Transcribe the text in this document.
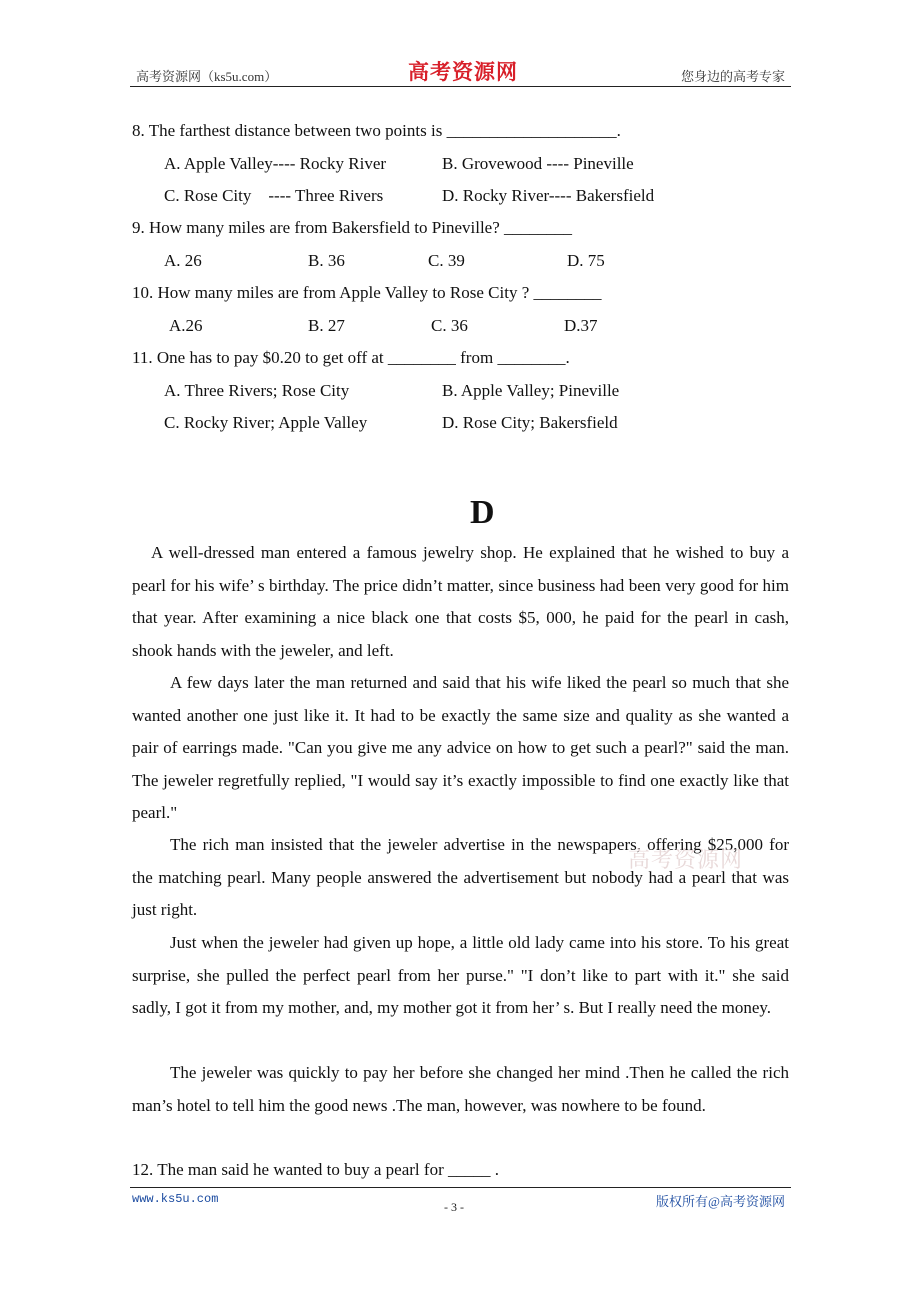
高考资源网（ks5u.com）	高考资源网	您身边的高考专家
8. The farthest distance between two points is ____________________.
A. Apple Valley---- Rocky River	B. Grovewood ---- Pineville
C. Rose City    ---- Three Rivers	D. Rocky River---- Bakersfield
9. How many miles are from Bakersfield to Pineville? ________
A. 26	B. 36	C. 39	D. 75
10. How many miles are from Apple Valley to Rose City ? ________
A.26	B. 27	C. 36	D.37
11. One has to pay $0.20 to get off at ________ from ________.
A. Three Rivers; Rose City	B. Apple Valley; Pineville
C. Rocky River; Apple Valley	D. Rose City; Bakersfield
D

A well-dressed man entered a famous jewelry shop. He explained that he wished to buy a pearl for his wife’ s birthday. The price didn’t matter, since business had been very good for him that year. After examining a nice black one that costs $5, 000, he paid for the pearl in cash, shook hands with the jeweler, and left.

A few days later the man returned and said that his wife liked the pearl so much that she wanted another one just like it. It had to be exactly the same size and quality as she wanted a pair of earrings made. "Can you give me any advice on how to get such a pearl?" said the man. The jeweler regretfully replied, "I would say it’s exactly impossible to find one exactly like that pearl."

The rich man insisted that the jeweler advertise in the newspapers, offering $25,000 for the matching pearl. Many people answered the advertisement but nobody had a pearl that was just right.

Just when the jeweler had given up hope, a little old lady came into his store. To his great surprise, she pulled the perfect pearl from her purse." "I don’t like to part with it." she said sadly, I got it from my mother, and, my mother got it from her’ s. But I really need the money.

The jeweler was quickly to pay her before she changed her mind .Then he called the rich man’s hotel to tell him the good news .The man, however, was nowhere to be found.

高考资源网
12. The man said he wanted to buy a pearl for _____ .
www.ks5u.com
- 3 -	版权所有@高考资源网
